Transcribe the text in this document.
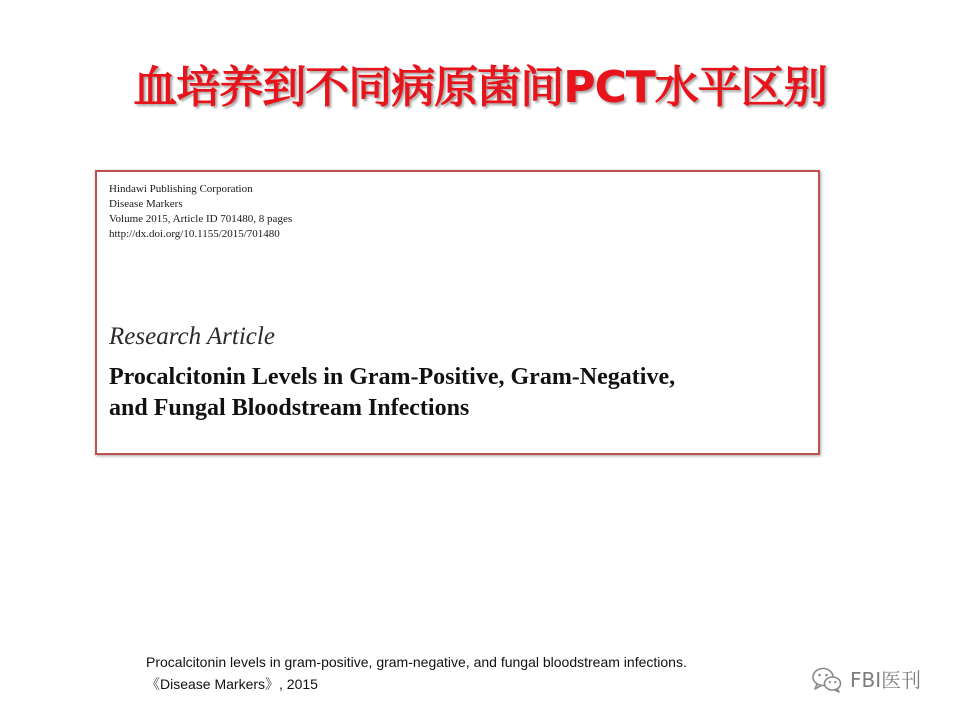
血培养到不同病原菌间PCT水平区别
Hindawi Publishing Corporation
Disease Markers
Volume 2015, Article ID 701480, 8 pages
http://dx.doi.org/10.1155/2015/701480
Research Article
Procalcitonin Levels in Gram-Positive, Gram-Negative,
and Fungal Bloodstream Infections
Procalcitonin levels in gram-positive, gram-negative, and fungal bloodstream infections.
《Disease Markers》, 2015	FBI医刊
